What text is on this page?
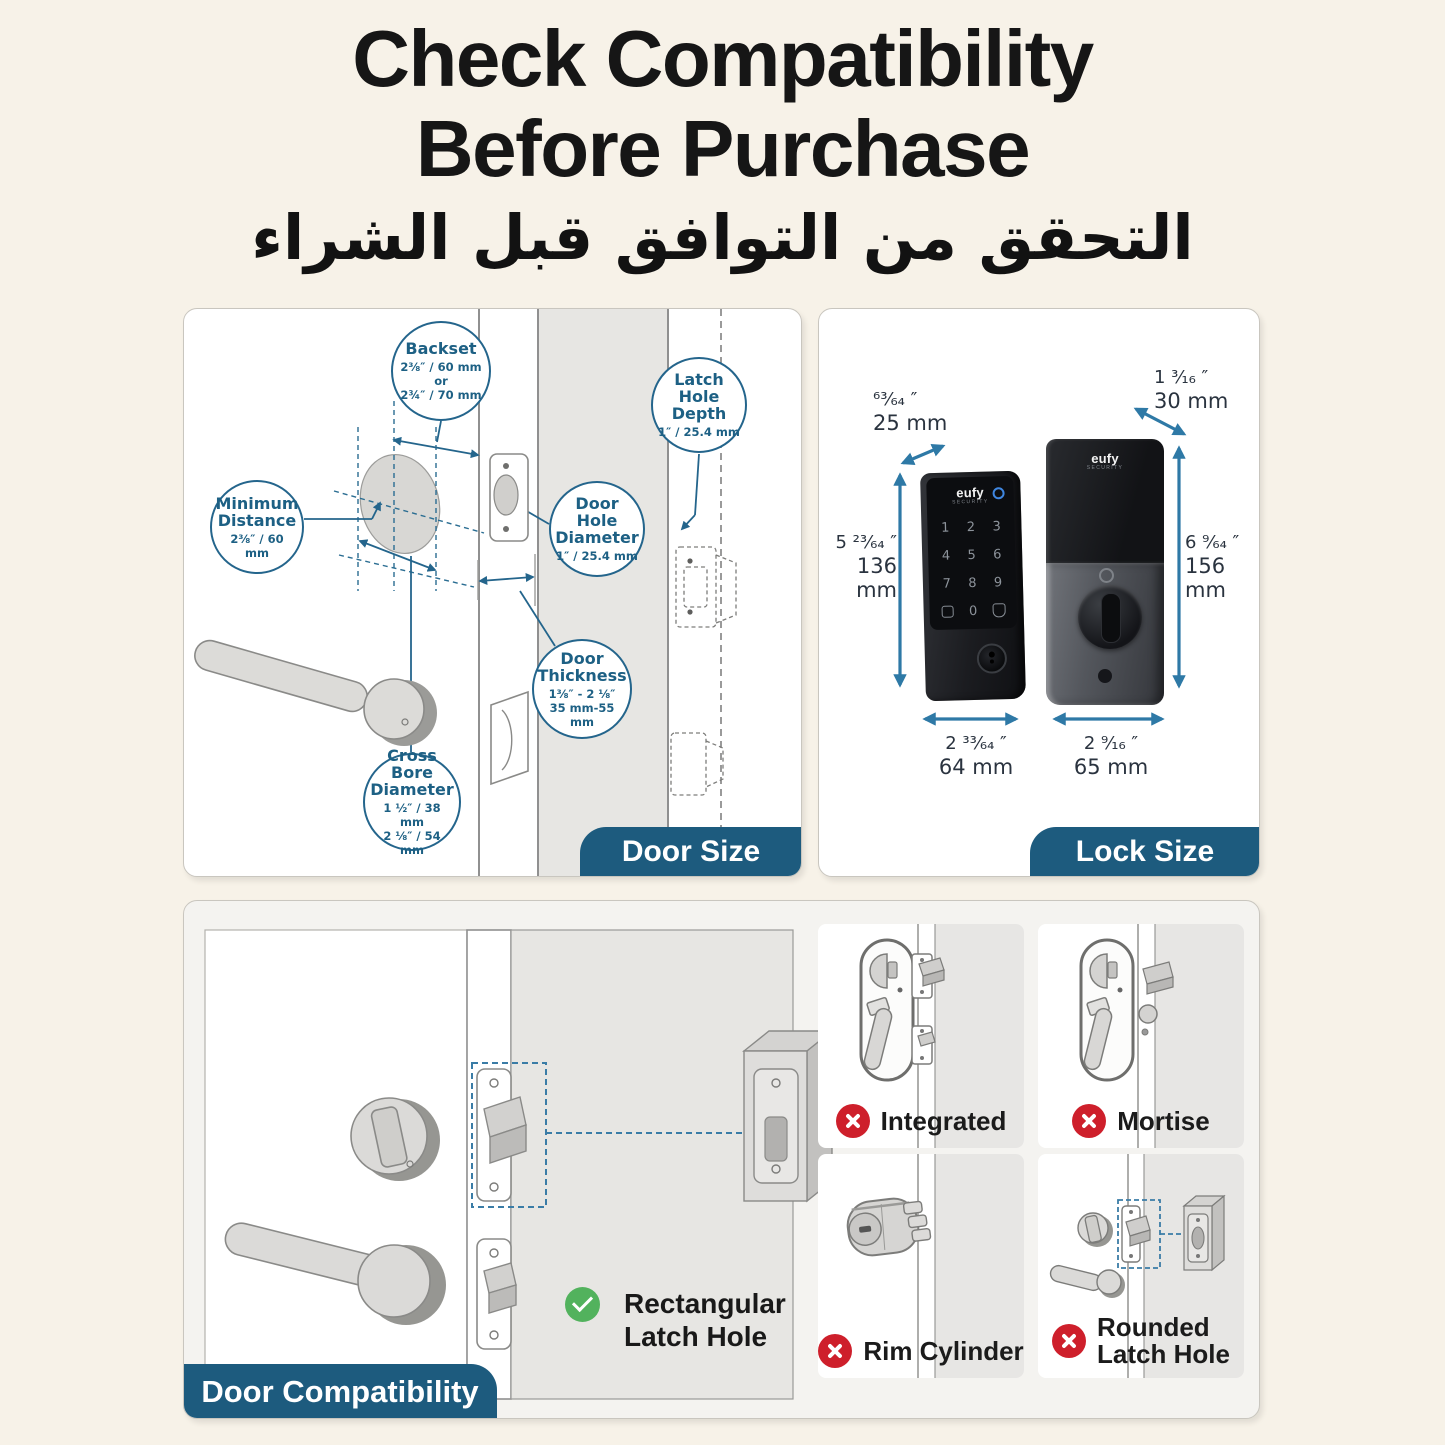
Check Compatibility
Before Purchase
التحقق من التوافق قبل الشراء
Backset
2⅜″ / 60 mm or
2¾″ / 70 mm
Minimum Distance
2⅜″ / 60 mm
Latch Hole Depth
1″ / 25.4 mm
Door Hole Diameter
1″ / 25.4 mm
Door Thickness
1⅜″ - 2 ⅛″
35 mm-55 mm
Cross Bore Diameter
1 ½″ / 38 mm
2 ⅛″ / 54 mm	Door Size
eufy
SECURITY
1 2 3
4 5 6
7 8 9
0
eufy
SECURITY
⁶³⁄₆₄ ″
25 mm
1 ³⁄₁₆ ″
30 mm
5 ²³⁄₆₄ ″
136 mm
6 ⁹⁄₆₄ ″
156 mm
2 ³³⁄₆₄ ″
64 mm
2 ⁹⁄₁₆ ″
65 mm
Lock Size
Rectangular
Latch Hole
Integrated	Mortise
Rim Cylinder
Rounded
Latch Hole
Door Compatibility
